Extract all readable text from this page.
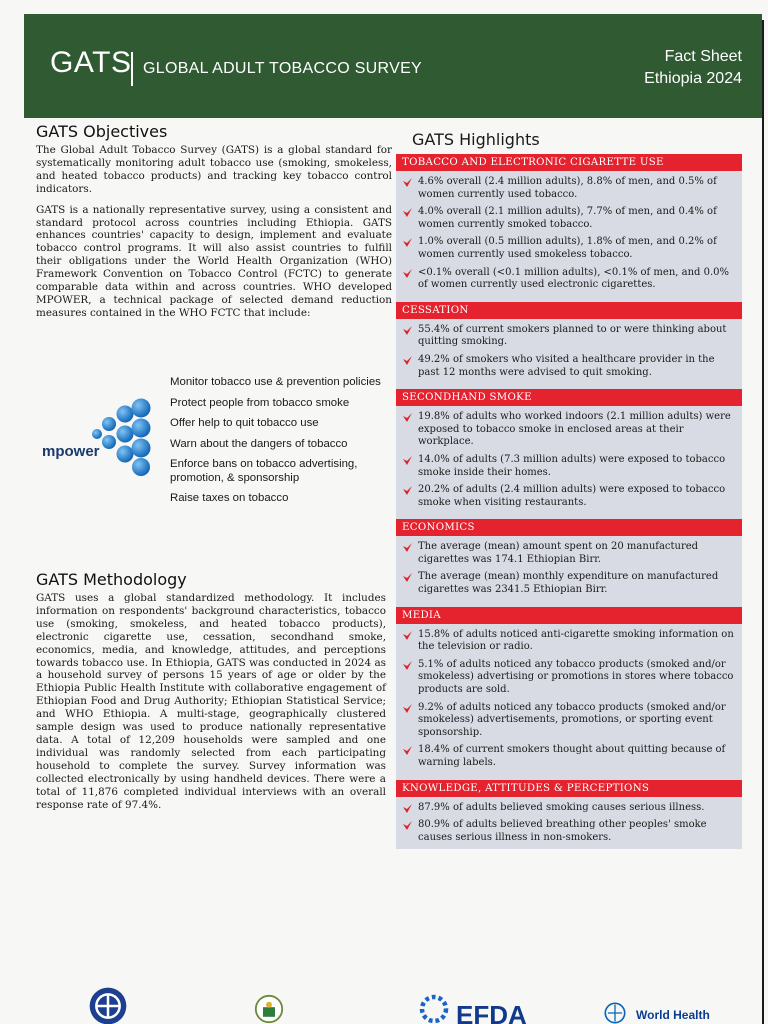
GATS GLOBAL ADULT TOBACCO SURVEY
Fact Sheet
Ethiopia 2024
GATS Objectives

The Global Adult Tobacco Survey (GATS) is a global standard for systematically monitoring adult tobacco use (smoking, smokeless, and heated tobacco products) and tracking key tobacco control indicators.

GATS is a nationally representative survey, using a consistent and standard protocol across countries including Ethiopia. GATS enhances countries' capacity to design, implement and evaluate tobacco control programs. It will also assist countries to fulfill their obligations under the World Health Organization (WHO) Framework Convention on Tobacco Control (FCTC) to generate comparable data within and across countries. WHO developed MPOWER, a technical package of selected demand reduction measures contained in the WHO FCTC that include:

mpower
Monitor tobacco use & prevention policies
Protect people from tobacco smoke
Offer help to quit tobacco use
Warn about the dangers of tobacco
Enforce bans on tobacco advertising, promotion, & sponsorship
Raise taxes on tobacco
GATS Methodology

GATS uses a global standardized methodology. It includes information on respondents' background characteristics, tobacco use (smoking, smokeless, and heated tobacco products), electronic cigarette use, cessation, secondhand smoke, economics, media, and knowledge, attitudes, and perceptions towards tobacco use. In Ethiopia, GATS was conducted in 2024 as a household survey of persons 15 years of age or older by the Ethiopia Public Health Institute with collaborative engagement of Ethiopian Food and Drug Authority; Ethiopian Statistical Service; and WHO Ethiopia. A multi-stage, geographically clustered sample design was used to produce nationally representative data. A total of 12,209 households were sampled and one individual was randomly selected from each participating household to complete the survey. Survey information was collected electronically by using handheld devices. There were a total of 11,876 completed individual interviews with an overall response rate of 97.4%.

GATS Highlights
TOBACCO AND ELECTRONIC CIGARETTE USE
4.6% overall (2.4 million adults), 8.8% of men, and 0.5% of women currently used tobacco.
4.0% overall (2.1 million adults), 7.7% of men, and 0.4% of women currently smoked tobacco.
1.0% overall (0.5 million adults), 1.8% of men, and 0.2% of women currently used smokeless tobacco.
<0.1% overall (<0.1 million adults), <0.1% of men, and 0.0% of women currently used electronic cigarettes.
CESSATION
55.4% of current smokers planned to or were thinking about quitting smoking.
49.2% of smokers who visited a healthcare provider in the past 12 months were advised to quit smoking.
SECONDHAND SMOKE
19.8% of adults who worked indoors (2.1 million adults) were exposed to tobacco smoke in enclosed areas at their workplace.
14.0% of adults (7.3 million adults) were exposed to tobacco smoke inside their homes.
20.2% of adults (2.4 million adults) were exposed to tobacco smoke when visiting restaurants.
ECONOMICS
The average (mean) amount spent on 20 manufactured cigarettes was 174.1 Ethiopian Birr.
The average (mean) monthly expenditure on manufactured cigarettes was 2341.5 Ethiopian Birr.
MEDIA
15.8% of adults noticed anti-cigarette smoking information on the television or radio.
5.1% of adults noticed any tobacco products (smoked and/or smokeless) advertising or promotions in stores where tobacco products are sold.
9.2% of adults noticed any tobacco products (smoked and/or smokeless) advertisements, promotions, or sporting event sponsorship.
18.4% of current smokers thought about quitting because of warning labels.
KNOWLEDGE, ATTITUDES & PERCEPTIONS
87.9% of adults believed smoking causes serious illness.
80.9% of adults believed breathing other peoples' smoke causes serious illness in non-smokers.
EFDA	World Health
